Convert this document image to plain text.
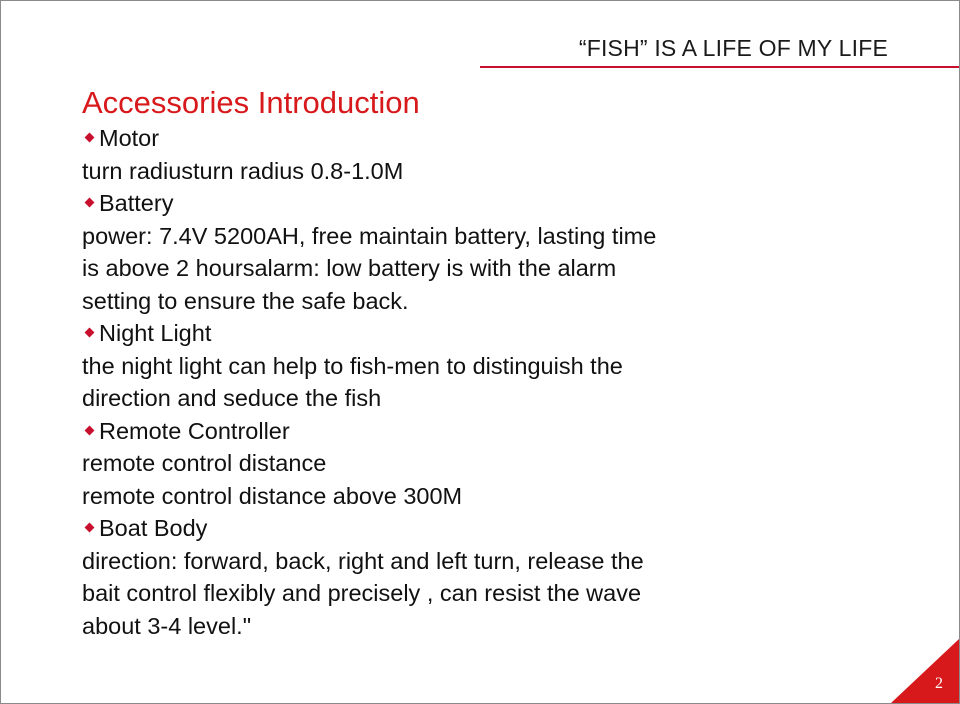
“FISH” IS A LIFE OF MY LIFE
Accessories Introduction
Motor
turn radiusturn radius 0.8-1.0M
Battery
power: 7.4V 5200AH, free maintain battery, lasting time
is above 2 hoursalarm: low battery is with the alarm
setting to ensure the safe back.
Night Light
the night light can help to fish-men to distinguish the
direction and seduce the fish
Remote Controller
remote control distance
remote control distance above 300M
Boat Body
direction: forward, back, right and left turn, release the
bait control flexibly and precisely , can resist the wave
about 3-4 level."
2
